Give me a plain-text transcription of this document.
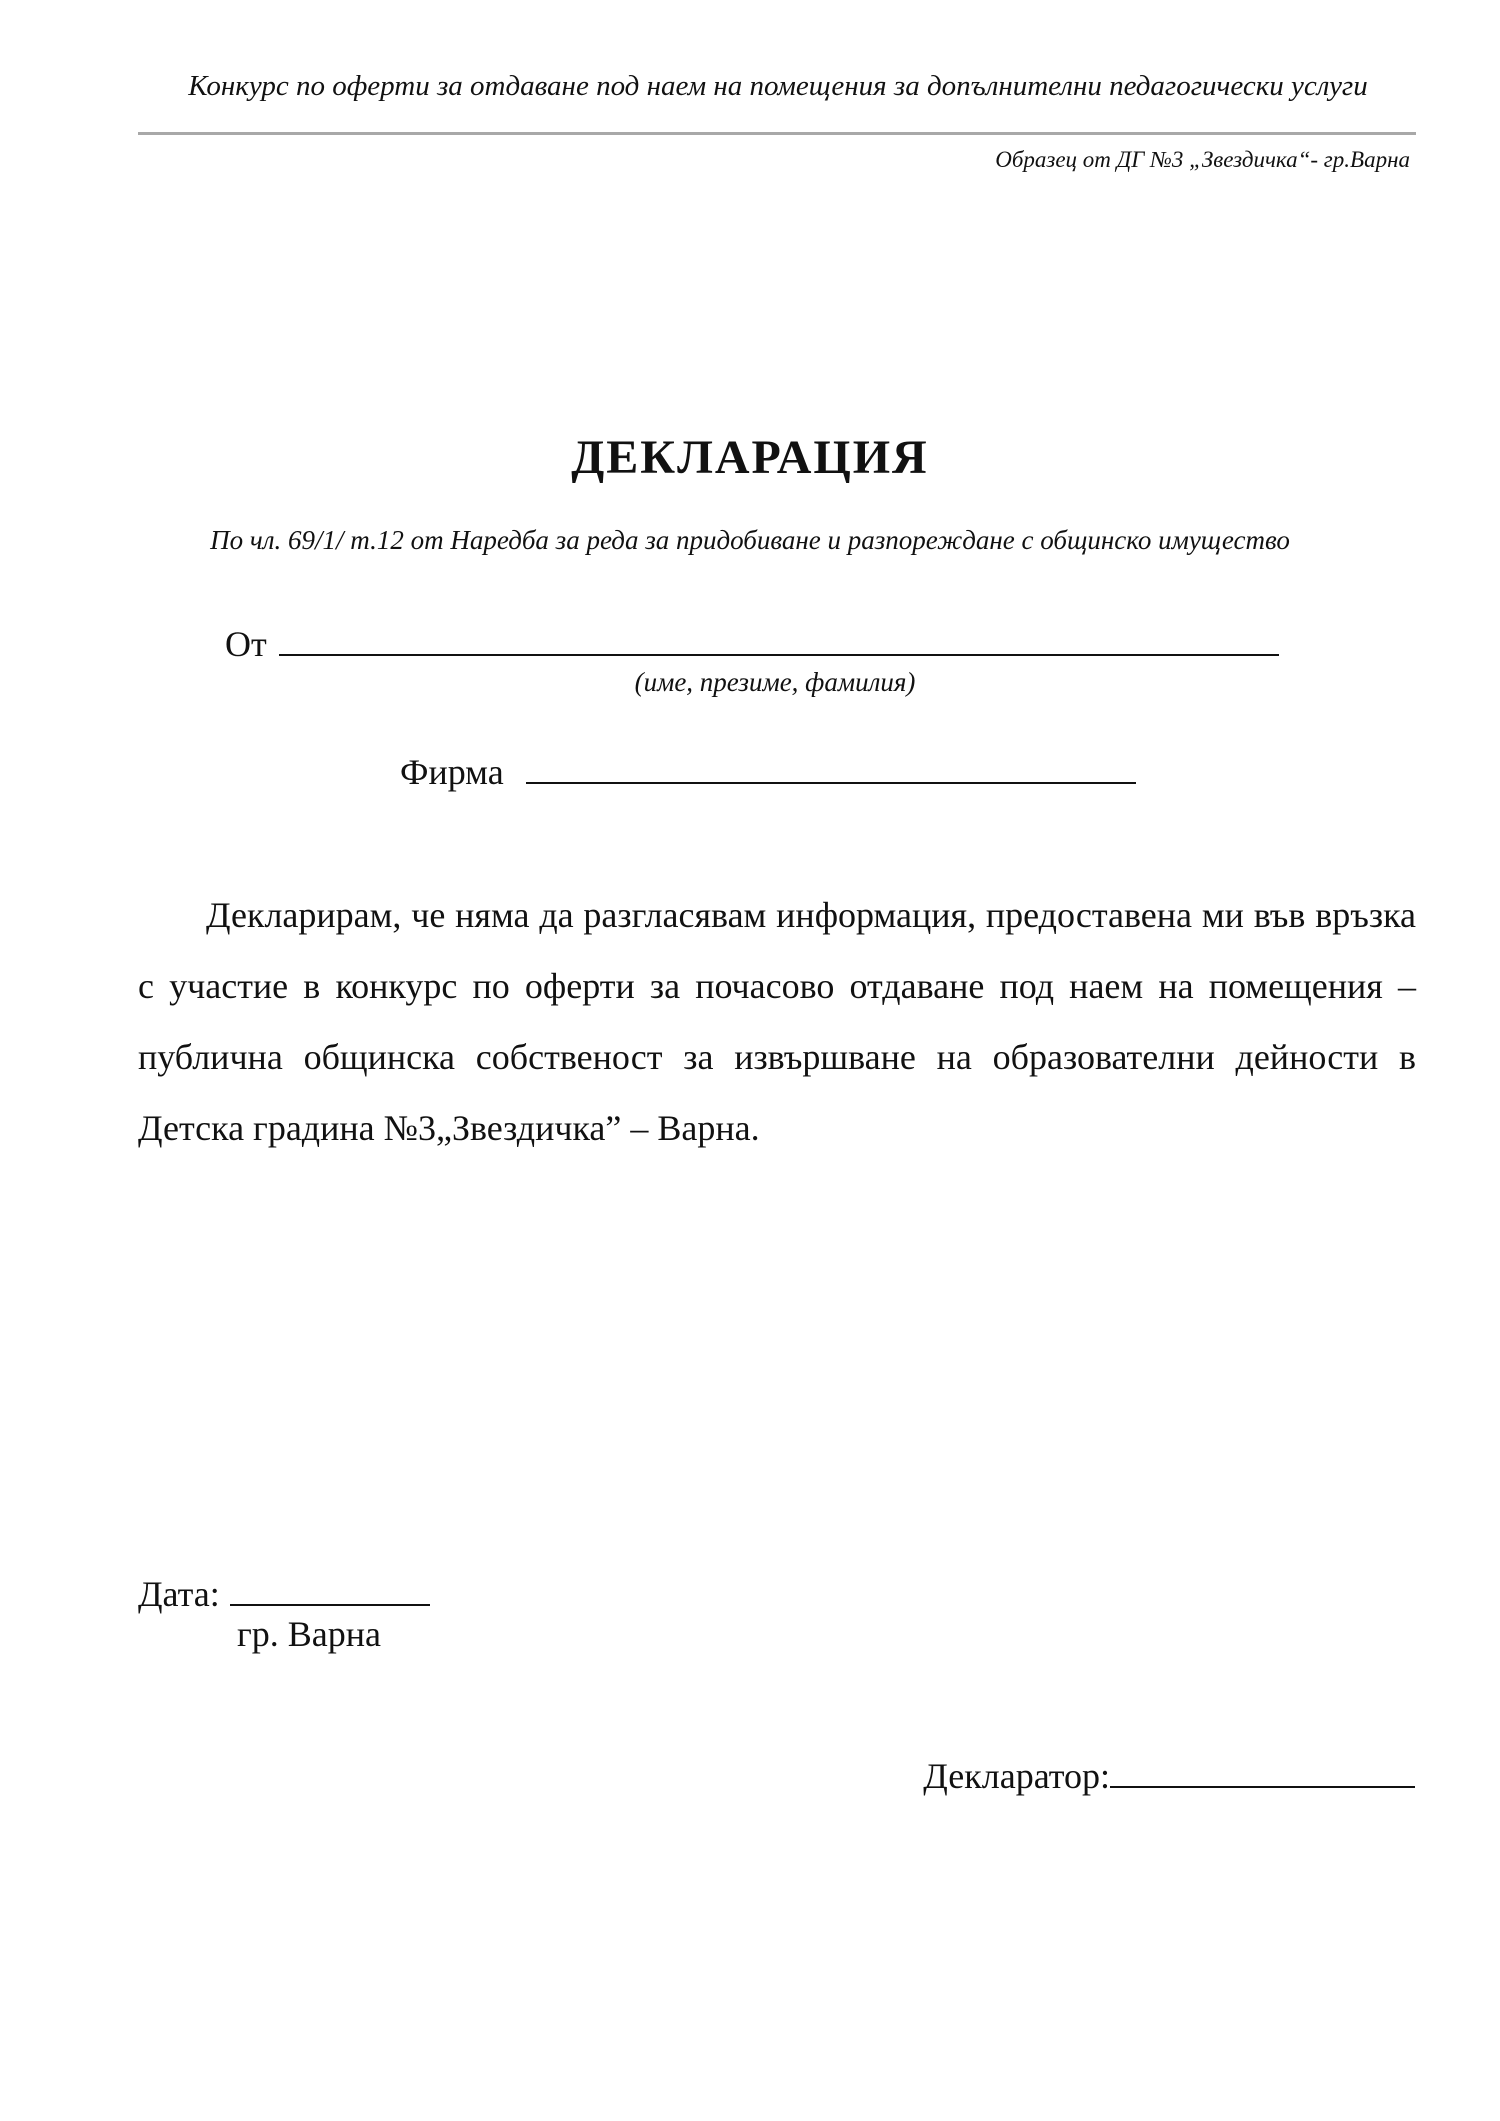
Конкурс по оферти за отдаване под наем на помещения за допълнителни педагогически услуги
Образец от ДГ №3 „Звездичка“- гр.Варна
ДЕКЛАРАЦИЯ
По чл. 69/1/ т.12 от Наредба за реда за придобиване и разпореждане с общинско имущество
От
(име, презиме, фамилия)
Фирма

Декларирам, че няма да разгласявам информация, предоставена ми във връзка с участие в конкурс по оферти за почасово отдаване под наем на помещения – публична общинска собственост за извършване на образователни дейности в Детска градина №3„Звездичка” – Варна.

Дата:
гр. Варна
Декларатор:
